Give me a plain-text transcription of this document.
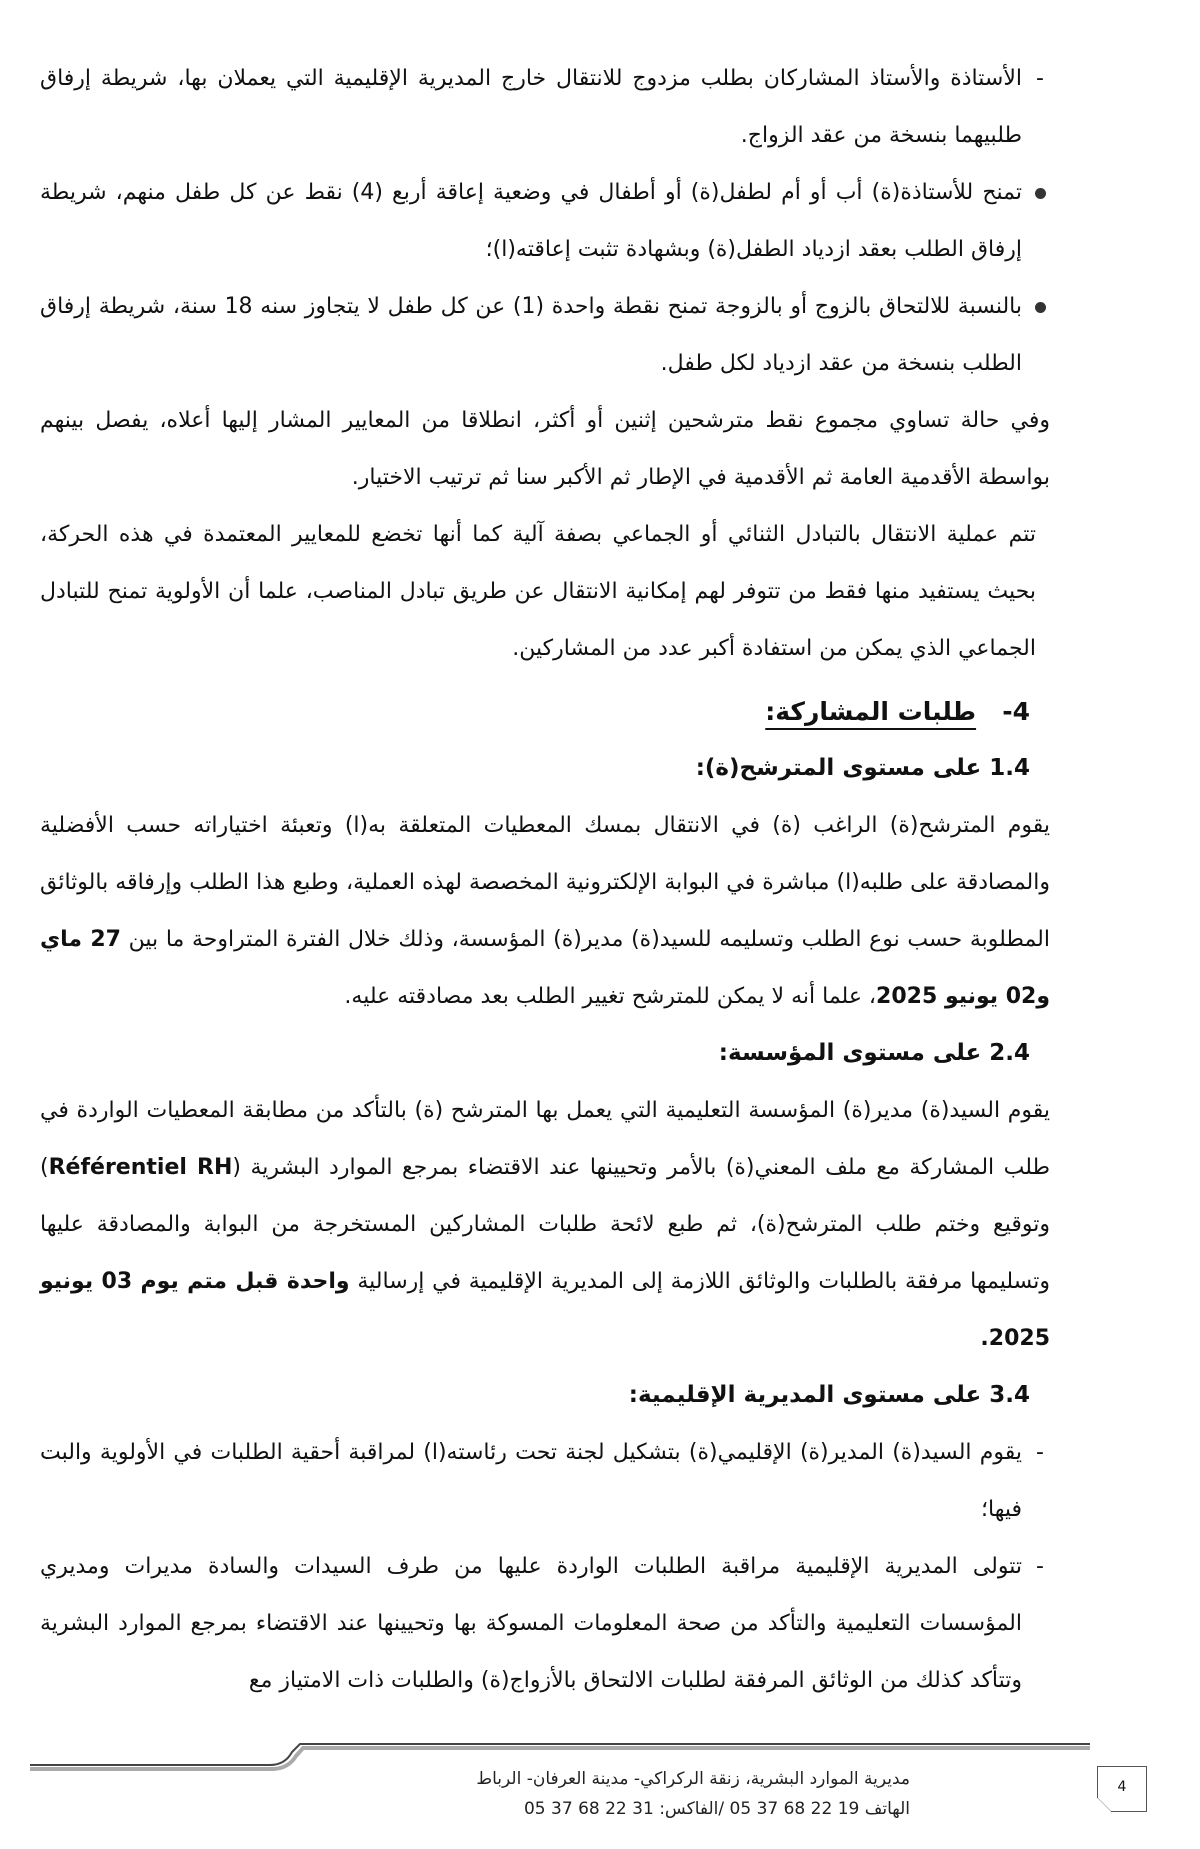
-
الأستاذة والأستاذ المشاركان بطلب مزدوج للانتقال خارج المديرية الإقليمية التي يعملان بها، شريطة إرفاق طلبيهما بنسخة من عقد الزواج.

تمنح للأستاذة(ة) أب أو أم لطفل(ة) أو أطفال في وضعية إعاقة أربع (4) نقط عن كل طفل منهم، شريطة إرفاق الطلب بعقد ازدياد الطفل(ة) وبشهادة تثبت إعاقته(ا)؛

بالنسبة للالتحاق بالزوج أو بالزوجة تمنح نقطة واحدة (1) عن كل طفل لا يتجاوز سنه 18 سنة، شريطة إرفاق الطلب بنسخة من عقد ازدياد لكل طفل.

وفي حالة تساوي مجموع نقط مترشحين إثنين أو أكثر، انطلاقا من المعايير المشار إليها أعلاه، يفصل بينهم بواسطة الأقدمية العامة ثم الأقدمية في الإطار ثم الأكبر سنا ثم ترتيب الاختيار.

تتم عملية الانتقال بالتبادل الثنائي أو الجماعي بصفة آلية كما أنها تخضع للمعايير المعتمدة في هذه الحركة، بحيث يستفيد منها فقط من تتوفر لهم إمكانية الانتقال عن طريق تبادل المناصب، علما أن الأولوية تمنح للتبادل الجماعي الذي يمكن من استفادة أكبر عدد من المشاركين.

4-   طلبات المشاركة:

1.4 على مستوى المترشح(ة):

يقوم المترشح(ة) الراغب (ة) في الانتقال بمسك المعطيات المتعلقة به(ا) وتعبئة اختياراته حسب الأفضلية والمصادقة على طلبه(ا) مباشرة في البوابة الإلكترونية المخصصة لهذه العملية، وطبع هذا الطلب وإرفاقه بالوثائق المطلوبة حسب نوع الطلب وتسليمه للسيد(ة) مدير(ة) المؤسسة، وذلك خلال الفترة المتراوحة ما بين 27 ماي و02 يونيو 2025، علما أنه لا يمكن للمترشح تغيير الطلب بعد مصادقته عليه.

2.4 على مستوى المؤسسة:

يقوم السيد(ة) مدير(ة) المؤسسة التعليمية التي يعمل بها المترشح (ة) بالتأكد من مطابقة المعطيات الواردة في طلب المشاركة مع ملف المعني(ة) بالأمر وتحيينها عند الاقتضاء بمرجع الموارد البشرية (Référentiel RH) وتوقيع وختم طلب المترشح(ة)، ثم طبع لائحة طلبات المشاركين المستخرجة من البوابة والمصادقة عليها وتسليمها مرفقة بالطلبات والوثائق اللازمة إلى المديرية الإقليمية في إرسالية واحدة قبل متم يوم 03 يونيو 2025.

3.4 على مستوى المديرية الإقليمية:

-
يقوم السيد(ة) المدير(ة) الإقليمي(ة) بتشكيل لجنة تحت رئاسته(ا) لمراقبة أحقية الطلبات في الأولوية والبت فيها؛

-
تتولى المديرية الإقليمية مراقبة الطلبات الواردة عليها من طرف السيدات والسادة مديرات ومديري المؤسسات التعليمية والتأكد من صحة المعلومات المسوكة بها وتحيينها عند الاقتضاء بمرجع الموارد البشرية وتتأكد كذلك من الوثائق المرفقة لطلبات الالتحاق بالأزواج(ة) والطلبات ذات الامتياز مع

مديرية الموارد البشرية، زنقة الركراكي- مدينة العرفان- الرباط
الهاتف 19 22 68 37 05 /الفاكس: 31 22 68 37 05
4
